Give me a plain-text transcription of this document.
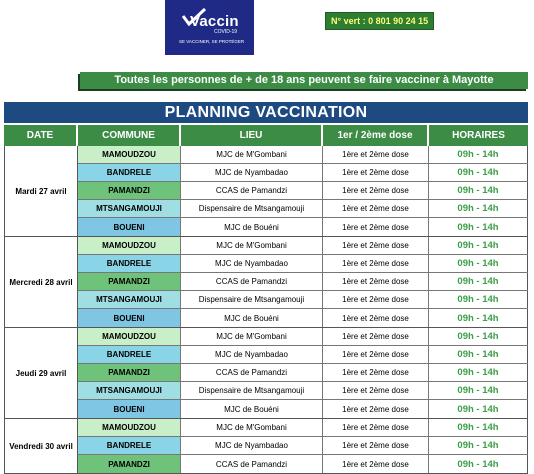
Vaccin
COVID-19
SE VACCINER, SE PROTÉGER
N° vert : 0 801 90 24 15
Toutes les personnes de + de 18 ans peuvent se faire vacciner à Mayotte
PLANNING VACCINATION
DATE	COMMUNE	LIEU	1er / 2ème dose	HORAIRES
Mardi 27 avril
MAMOUDZOU	MJC de M'Gombani	1ère et 2ème dose	09h - 14h
BANDRELE	MJC de Nyambadao	1ère et 2ème dose	09h - 14h
PAMANDZI	CCAS de Pamandzi	1ère et 2ème dose	09h - 14h
MTSANGAMOUJI	Dispensaire de Mtsangamouji	1ère et 2ème dose	09h - 14h
BOUENI	MJC de Bouéni	1ère et 2ème dose	09h - 14h
Mercredi 28 avril
MAMOUDZOU	MJC de M'Gombani	1ère et 2ème dose	09h - 14h
BANDRELE	MJC de Nyambadao	1ère et 2ème dose	09h - 14h
PAMANDZI	CCAS de Pamandzi	1ère et 2ème dose	09h - 14h
MTSANGAMOUJI	Dispensaire de Mtsangamouji	1ère et 2ème dose	09h - 14h
BOUENI	MJC de Bouéni	1ère et 2ème dose	09h - 14h
Jeudi 29 avril
MAMOUDZOU	MJC de M'Gombani	1ère et 2ème dose	09h - 14h
BANDRELE	MJC de Nyambadao	1ère et 2ème dose	09h - 14h
PAMANDZI	CCAS de Pamandzi	1ère et 2ème dose	09h - 14h
MTSANGAMOUJI	Dispensaire de Mtsangamouji	1ère et 2ème dose	09h - 14h
BOUENI	MJC de Bouéni	1ère et 2ème dose	09h - 14h
Vendredi 30 avril
MAMOUDZOU	MJC de M'Gombani	1ère et 2ème dose	09h - 14h
BANDRELE	MJC de Nyambadao	1ère et 2ème dose	09h - 14h
PAMANDZI	CCAS de Pamandzi	1ère et 2ème dose	09h - 14h
